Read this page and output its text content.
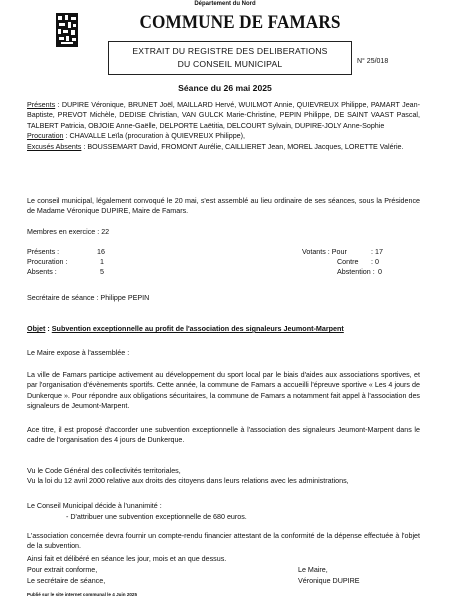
Département du Nord
COMMUNE DE FAMARS
EXTRAIT DU REGISTRE DES DELIBERATIONS
DU CONSEIL MUNICIPAL	N° 25/018
Séance du 26 mai 2025
Présents : DUPIRE Véronique, BRUNET Joël, MAILLARD Hervé, WUILMOT Annie, QUIEVREUX Philippe, PAMART Jean-Baptiste, PREVOT Michèle, DEDISE Christian, VAN GULCK Marie-Christine, PEPIN Philippe, DE SAINT VAAST Pascal, TALBERT Patricia, OBJOIE Anne-Gaëlle, DELPORTE Laëtitia, DELCOURT Sylvain, DUPIRE-JOLY Anne-Sophie
Procuration : CHAVALLE Leïla (procuration à QUIEVREUX Philippe),
Excusés Absents : BOUSSEMART David, FROMONT Aurélie, CAILLIERET Jean, MOREL Jacques, LORETTE Valérie.
Le conseil municipal, légalement convoqué le 20 mai, s'est assemblé au lieu ordinaire de ses séances, sous la Présidence de Madame Véronique DUPIRE, Maire de Famars.
Membres en exercice : 22
Présents :	16
Procuration :	1
Absents :	5
Votants : Pour	: 17
Contre : 0
Abstention : 0
Secrétaire de séance : Philippe PEPIN
Objet : Subvention exceptionnelle au profit de l'association des signaleurs Jeumont-Marpent
Le Maire expose à l'assemblée :
La ville de Famars participe activement au développement du sport local par le biais d'aides aux associations sportives, et par l'organisation d'évènements sportifs. Cette année, la commune de Famars a accueilli l'épreuve sportive « Les 4 jours de Dunkerque ». Pour répondre aux obligations sécuritaires, la commune de Famars a notamment fait appel à l'association des signaleurs de Jeumont-Marpent.
Ace titre, il est proposé d'accorder une subvention exceptionnelle à l'association des signaleurs Jeumont-Marpent dans le cadre de l'organisation des 4 jours de Dunkerque.
Vu le Code Général des collectivités territoriales,
Vu la loi du 12 avril 2000 relative aux droits des citoyens dans leurs relations avec les administrations,
Le Conseil Municipal décide à l'unanimité :
- D'attribuer une subvention exceptionnelle de 680 euros.
L'association concernée devra fournir un compte-rendu financier attestant de la conformité de la dépense effectuée à l'objet de la subvention.
Ainsi fait et délibéré en séance les jour, mois et an que dessus.
Pour extrait conforme,
Le secrétaire de séance,
Le Maire,
Véronique DUPIRE
Publié sur le site internet communal le 4 Juin 2025
